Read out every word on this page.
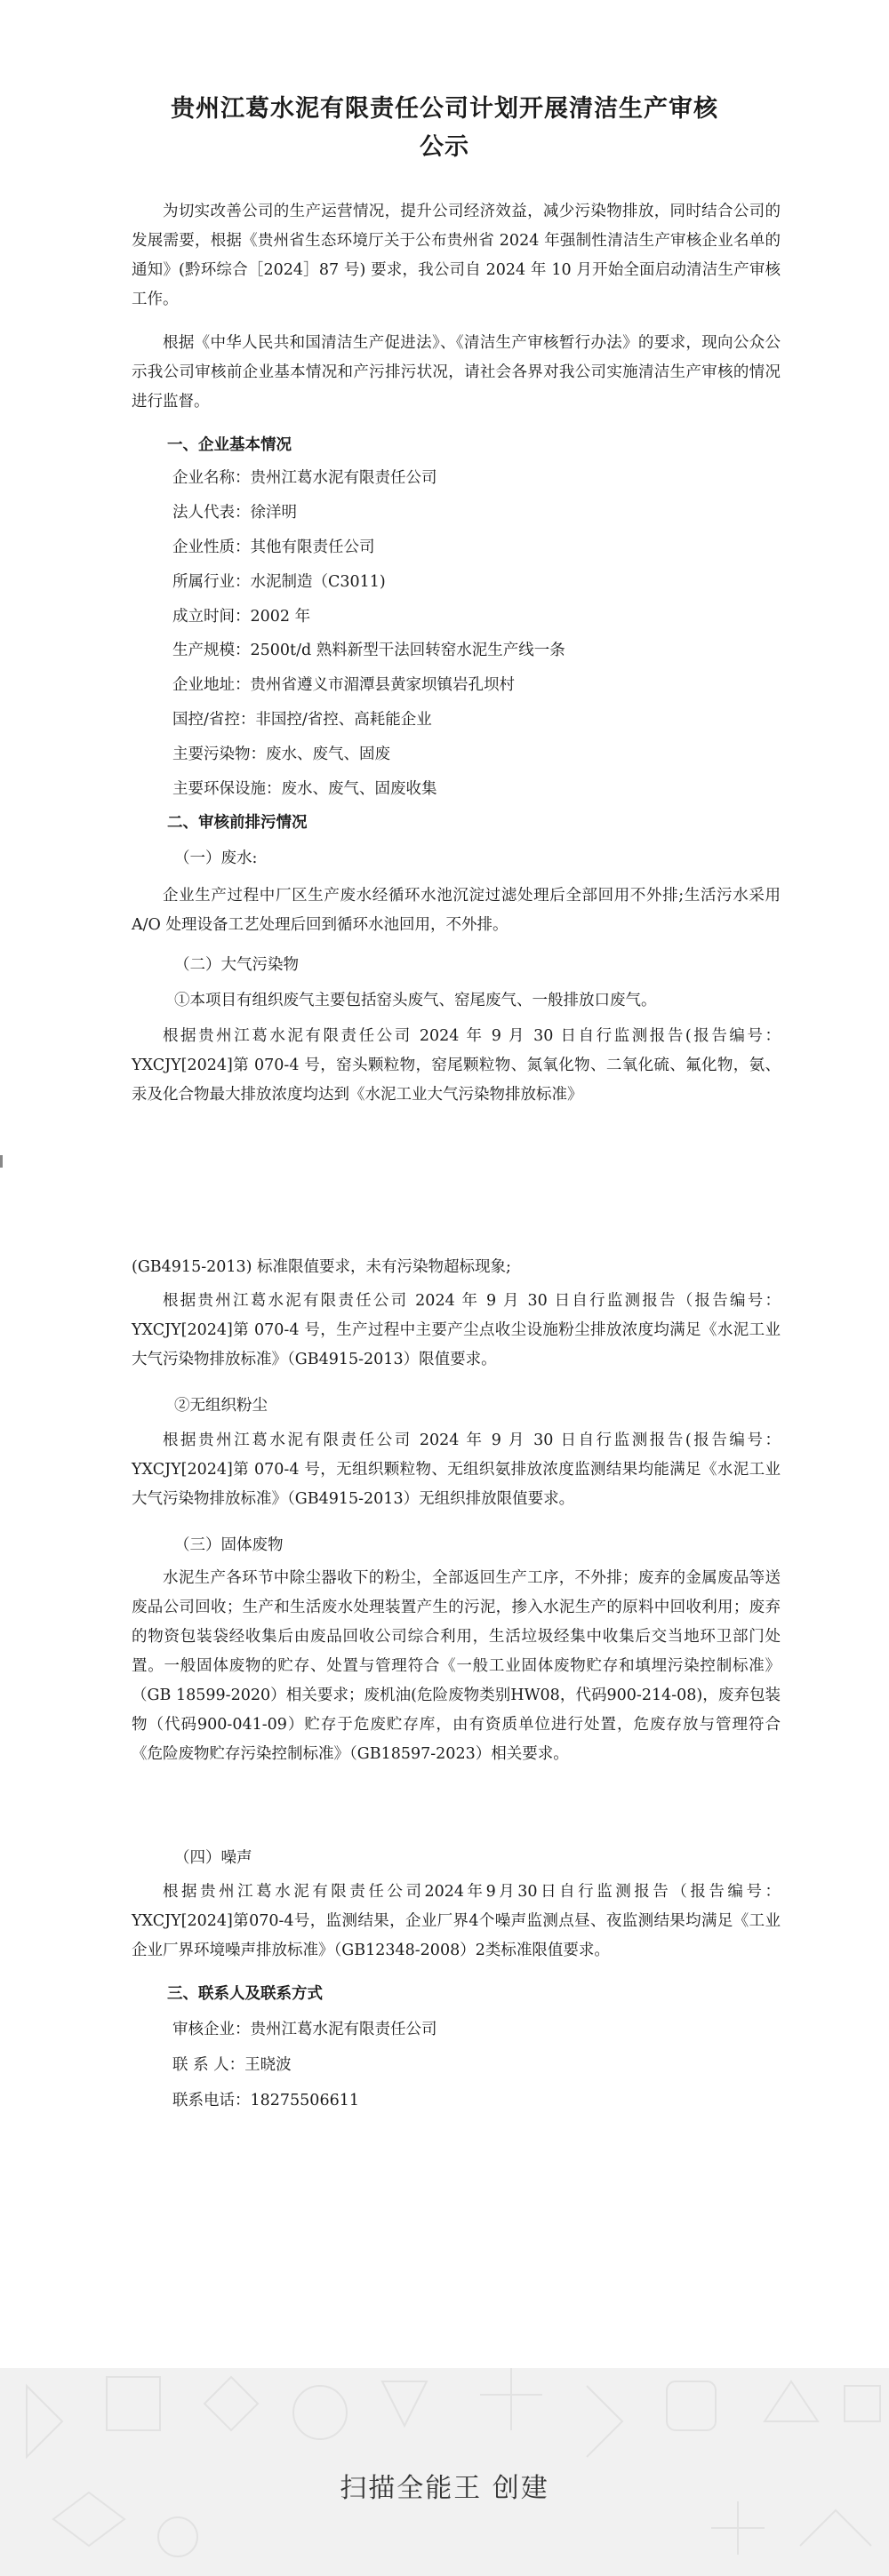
贵州江葛水泥有限责任公司计划开展清洁生产审核
公示
为切实改善公司的生产运营情况，提升公司经济效益，减少污染物排放，同时结合公司的发展需要，根据《贵州省生态环境厅关于公布贵州省 2024 年强制性清洁生产审核企业名单的通知》(黔环综合［2024］87 号) 要求，我公司自 2024 年 10 月开始全面启动清洁生产审核工作。
根据《中华人民共和国清洁生产促进法》、《清洁生产审核暂行办法》的要求，现向公众公示我公司审核前企业基本情况和产污排污状况，请社会各界对我公司实施清洁生产审核的情况进行监督。
一、企业基本情况
企业名称：贵州江葛水泥有限责任公司
法人代表：徐洋明
企业性质：其他有限责任公司
所属行业：水泥制造（C3011)
成立时间：2002 年
生产规模：2500t/d 熟料新型干法回转窑水泥生产线一条
企业地址：贵州省遵义市湄潭县黄家坝镇岩孔坝村
国控/省控：非国控/省控、高耗能企业
主要污染物：废水、废气、固废
主要环保设施：废水、废气、固废收集
二、审核前排污情况
（一）废水:
企业生产过程中厂区生产废水经循环水池沉淀过滤处理后全部回用不外排;生活污水采用 A/O 处理设备工艺处理后回到循环水池回用，不外排。
（二）大气污染物
①本项目有组织废气主要包括窑头废气、窑尾废气、一般排放口废气。
根据贵州江葛水泥有限责任公司 2024 年 9 月 30 日自行监测报告(报告编号：YXCJY[2024]第 070-4 号，窑头颗粒物，窑尾颗粒物、氮氧化物、二氧化硫、氟化物，氨、汞及化合物最大排放浓度均达到《水泥工业大气污染物排放标准》
(GB4915-2013) 标准限值要求，未有污染物超标现象;
根据贵州江葛水泥有限责任公司 2024 年 9 月 30 日自行监测报告（报告编号：YXCJY[2024]第 070-4 号，生产过程中主要产尘点收尘设施粉尘排放浓度均满足《水泥工业大气污染物排放标准》（GB4915-2013）限值要求。
②无组织粉尘
根据贵州江葛水泥有限责任公司 2024 年 9 月 30 日自行监测报告(报告编号：YXCJY[2024]第 070-4 号，无组织颗粒物、无组织氨排放浓度监测结果均能满足《水泥工业大气污染物排放标准》（GB4915-2013）无组织排放限值要求。
（三）固体废物
水泥生产各环节中除尘器收下的粉尘，全部返回生产工序，不外排；废弃的金属废品等送废品公司回收；生产和生活废水处理装置产生的污泥，掺入水泥生产的原料中回收利用；废弃的物资包装袋经收集后由废品回收公司综合利用，生活垃圾经集中收集后交当地环卫部门处置。一般固体废物的贮存、处置与管理符合《一般工业固体废物贮存和填埋污染控制标准》（GB 18599-2020）相关要求；废机油(危险废物类别HW08，代码900-214-08)，废弃包装物（代码900-041-09）贮存于危废贮存库，由有资质单位进行处置，危废存放与管理符合《危险废物贮存污染控制标准》（GB18597-2023）相关要求。
（四）噪声
根据贵州江葛水泥有限责任公司2024年9月30日自行监测报告（报告编号：YXCJY[2024]第070-4号，监测结果，企业厂界4个噪声监测点昼、夜监测结果均满足《工业企业厂界环境噪声排放标准》（GB12348-2008）2类标准限值要求。
三、联系人及联系方式
审核企业：贵州江葛水泥有限责任公司
联 系 人：王晓波
联系电话：18275506611
扫描全能王 创建
